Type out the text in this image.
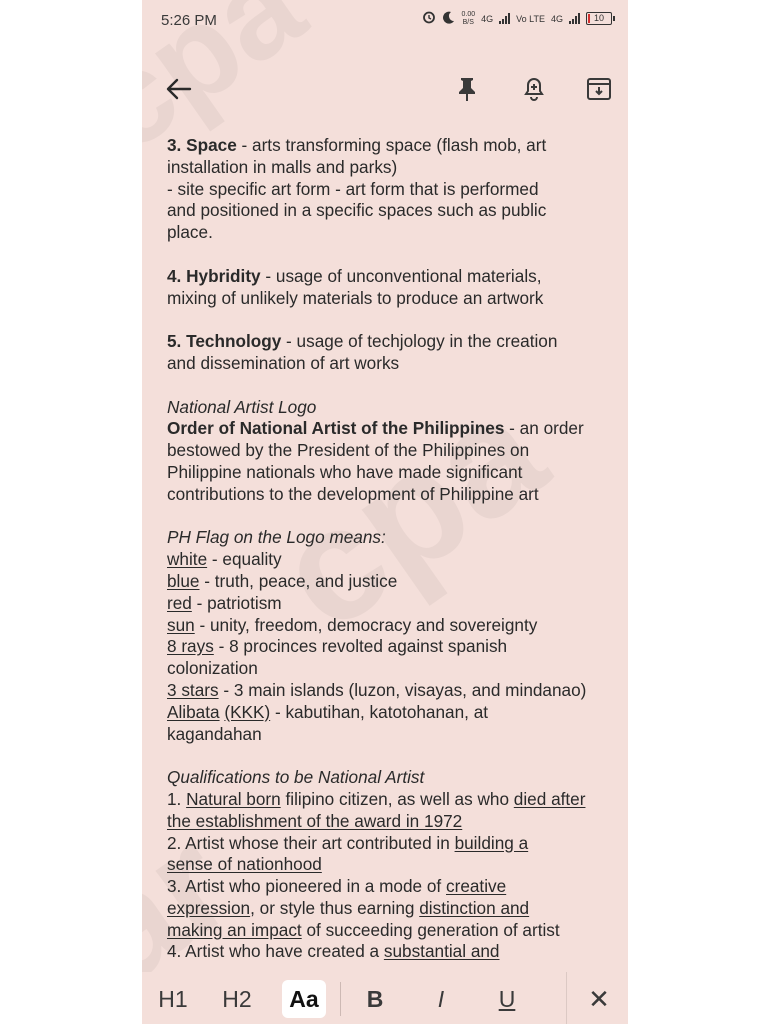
5:26 PM	0.00
B/S 4G	Vo LTE 4G	10

3. Space - arts transforming space (flash mob, art

installation in malls and parks)

- site specific art form - art form that is performed

and positioned in a specific spaces such as public

place.

4. Hybridity - usage of unconventional materials,

mixing of unlikely materials to produce an artwork

5. Technology - usage of techjology in the creation

and dissemination of art works

National Artist Logo

Order of National Artist of the Philippines - an order

bestowed by the President of the Philippines on

Philippine nationals who have made significant

contributions to the development of Philippine art

PH Flag on the Logo means:

white - equality

blue - truth, peace, and justice

red - patriotism

sun - unity, freedom, democracy and sovereignty

8 rays - 8 procinces revolted against spanish

colonization

3 stars - 3 main islands (luzon, visayas, and mindanao)

Alibata (KKK) - kabutihan, katotohanan, at

kagandahan

Qualifications to be National Artist

1. Natural born filipino citizen, as well as who died after

the establishment of the award in 1972

2. Artist whose their art contributed in building a

sense of nationhood

3. Artist who pioneered in a mode of creative

expression, or style thus earning distinction and

making an impact of succeeding generation of artist

4. Artist who have created a substantial and

H1 H2	Aa	B	I	U	✕
